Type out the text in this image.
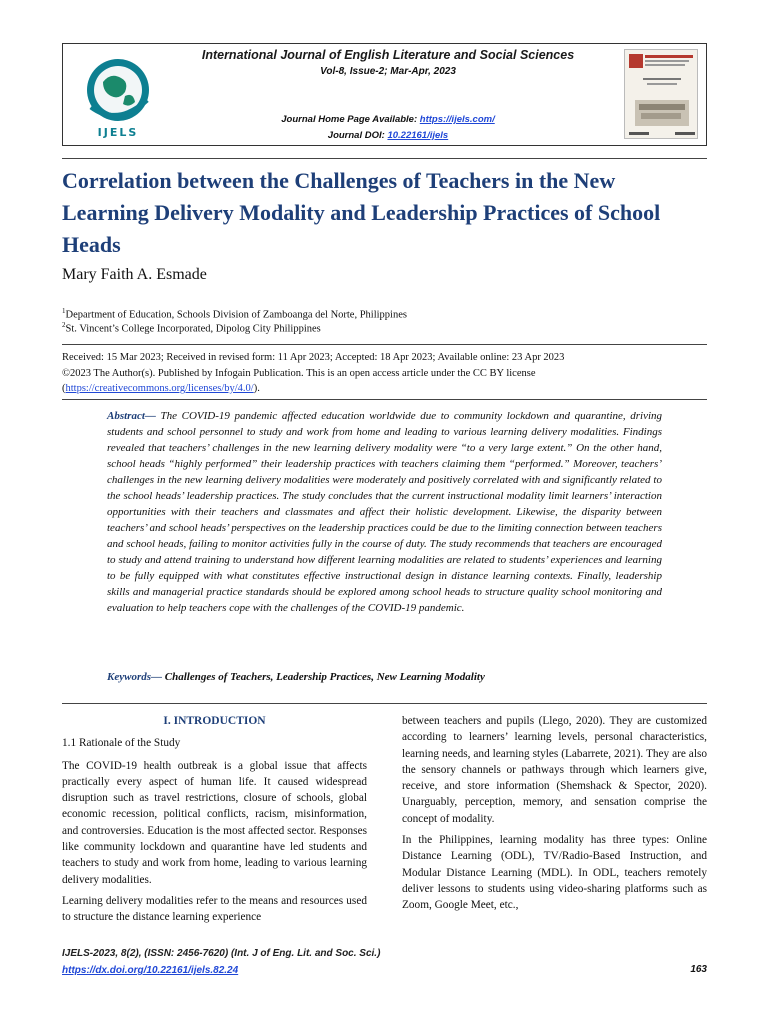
IJELS
International Journal of English Literature and Social Sciences
Vol-8, Issue-2; Mar-Apr, 2023
Journal Home Page Available: https://ijels.com/
Journal DOI: 10.22161/ijels
Correlation between the Challenges of Teachers in the New Learning Delivery Modality and Leadership Practices of School Heads
Mary Faith A. Esmade
$^1$Department of Education, Schools Division of Zamboanga del Norte, Philippines
$^2$St. Vincent’s College Incorporated, Dipolog City Philippines
Received: 15 Mar 2023; Received in revised form: 11 Apr 2023; Accepted: 18 Apr 2023; Available online: 23 Apr 2023
©2023 The Author(s). Published by Infogain Publication. This is an open access article under the CC BY license
(https://creativecommons.org/licenses/by/4.0/).
Abstract— The COVID-19 pandemic affected education worldwide due to community lockdown and quarantine, driving students and school personnel to study and work from home and leading to various learning delivery modalities. Findings revealed that teachers’ challenges in the new learning delivery modality were “to a very large extent.” On the other hand, school heads “highly performed” their leadership practices with teachers claiming them “performed.” Moreover, teachers’ challenges in the new learning delivery modalities were moderately and positively correlated with and significantly related to the school heads’ leadership practices. The study concludes that the current instructional modality limit learners’ interaction opportunities with their teachers and classmates and affect their holistic development. Likewise, the disparity between teachers’ and school heads’ perspectives on the leadership practices could be due to the limiting connection between teachers and school heads, failing to monitor activities fully in the course of duty. The study recommends that teachers are encouraged to study and attend training to understand how different learning modalities are related to students’ experiences and learning to be fully equipped with what constitutes effective instructional design in distance learning contexts. Finally, leadership skills and managerial practice standards should be explored among school heads to structure quality school monitoring and evaluation to help teachers cope with the challenges of the COVID-19 pandemic.
Keywords— Challenges of Teachers, Leadership Practices, New Learning Modality
I. INTRODUCTION
1.1 Rationale of the Study

The COVID-19 health outbreak is a global issue that affects practically every aspect of human life. It caused widespread disruption such as travel restrictions, closure of schools, global economic recession, political conflicts, racism, misinformation, and controversies. Education is the most affected sector. Responses like community lockdown and quarantine have led students and teachers to study and work from home, leading to various learning delivery modalities.

Learning delivery modalities refer to the means and resources used to structure the distance learning experience

between teachers and pupils (Llego, 2020). They are customized according to learners’ learning levels, personal characteristics, learning needs, and learning styles (Labarrete, 2021). They are also the sensory channels or pathways through which learners give, receive, and store information (Shemshack & Spector, 2020). Unarguably, perception, memory, and sensation comprise the concept of modality.

In the Philippines, learning modality has three types: Online Distance Learning (ODL), TV/Radio-Based Instruction, and Modular Distance Learning (MDL). In ODL, teachers remotely deliver lessons to students using video-sharing platforms such as Zoom, Google Meet, etc.,

IJELS-2023, 8(2), (ISSN: 2456-7620) (Int. J of Eng. Lit. and Soc. Sci.)
https://dx.doi.org/10.22161/ijels.82.24	163
